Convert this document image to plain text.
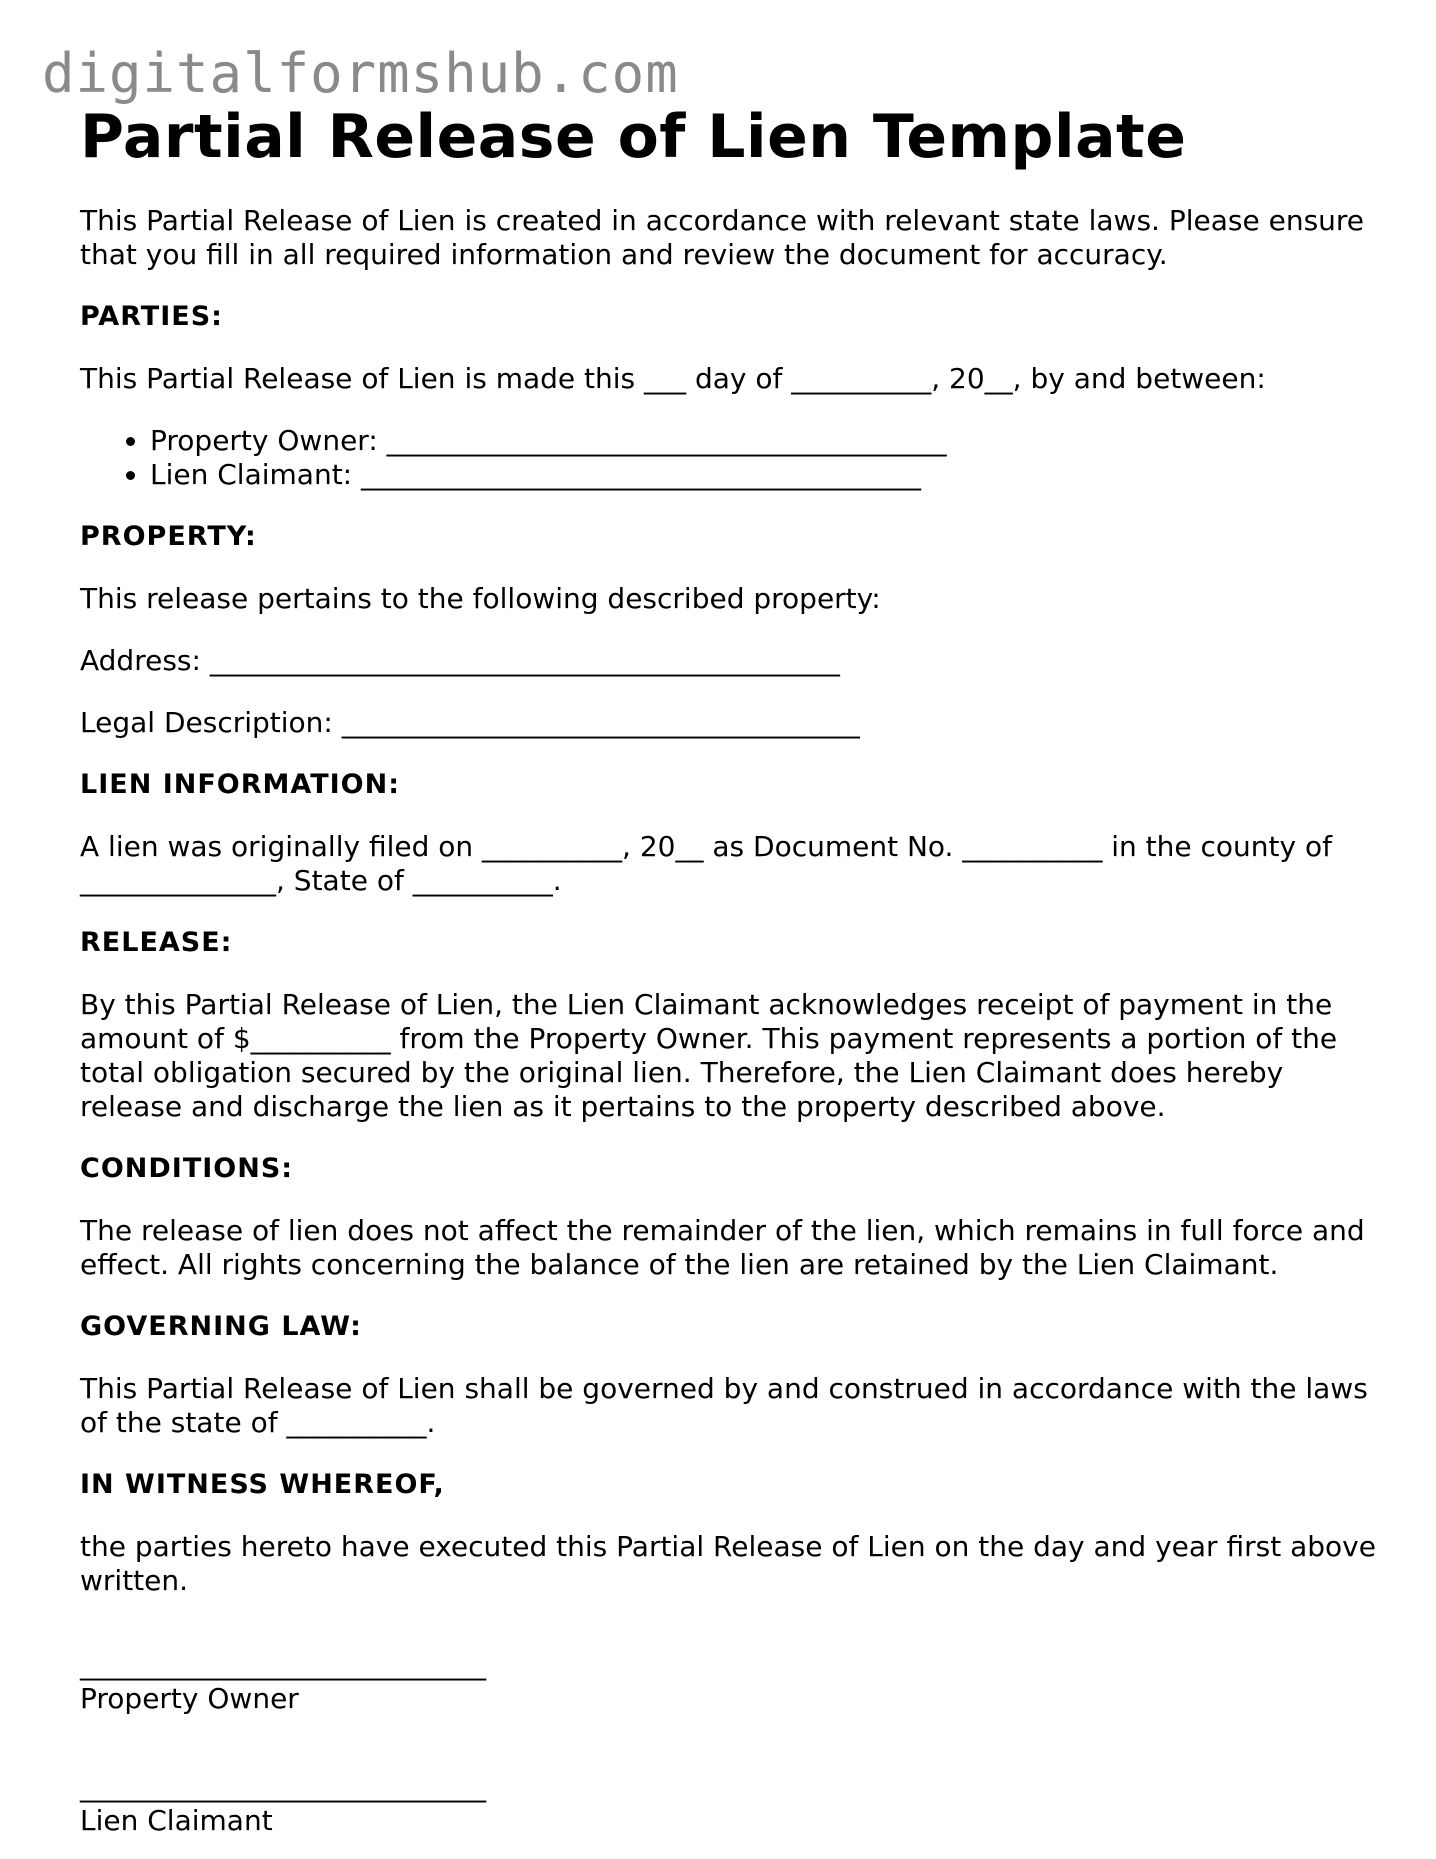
digitalformshub.com
Partial Release of Lien Template

This Partial Release of Lien is created in accordance with relevant state laws. Please ensure that you fill in all required information and review the document for accuracy.

PARTIES:

This Partial Release of Lien is made this ___ day of __________, 20__, by and between:

• Property Owner: ________________________________________
• Lien Claimant: ________________________________________

PROPERTY:

This release pertains to the following described property:

Address: _____________________________________________

Legal Description: _____________________________________

LIEN INFORMATION:

A lien was originally filed on __________, 20__ as Document No. __________ in the county of ______________, State of __________.

RELEASE:

By this Partial Release of Lien, the Lien Claimant acknowledges receipt of payment in the amount of $__________ from the Property Owner. This payment represents a portion of the total obligation secured by the original lien. Therefore, the Lien Claimant does hereby release and discharge the lien as it pertains to the property described above.

CONDITIONS:

The release of lien does not affect the remainder of the lien, which remains in full force and effect. All rights concerning the balance of the lien are retained by the Lien Claimant.

GOVERNING LAW:

This Partial Release of Lien shall be governed by and construed in accordance with the laws of the state of __________.

IN WITNESS WHEREOF,

the parties hereto have executed this Partial Release of Lien on the day and year first above written.

_____________________________

Property Owner

_____________________________

Lien Claimant
